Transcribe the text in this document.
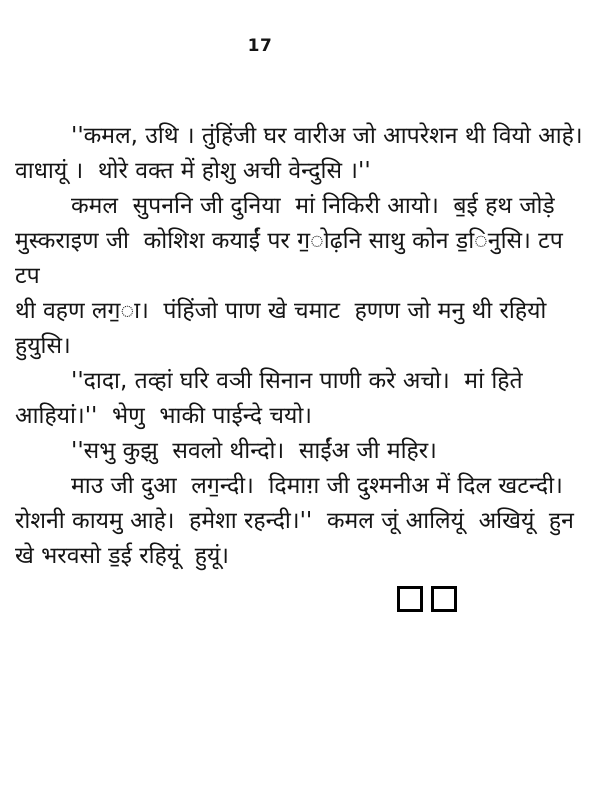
17
''कमल, उथि । तुंहिंजी घर वारीअ जो आपरेशन थी वियो आहे।
वाधायूं ।  थोरे वक्त में होशु अची वेन्दुसि ।''
कमल  सुपननि जी दुनिया  मां निकिरी आयो।  ब॒ई हथ जोड़े
मुस्कराइण जी  कोशिश कयाईं पर ग॒ोढ़नि साथु कोन ड॒िनुसि। टप टप
थी वहण लग॒ा।  पंहिंजो पाण खे चमाट  हणण जो मनु थी रहियो
हुयुसि।
''दादा, तव्हां घरि वञी सिनान पाणी करे अचो।  मां हिते
आहियां।''  भेणु  भाकी पाईन्दे चयो।
''सभु कुझु  सवलो थीन्दो।  साईंअ जी महिर।
माउ जी दुआ  लग॒न्दी।  दिमाग़ जी दुश्मनीअ में दिल खटन्दी।
रोशनी कायमु आहे।  हमेशा रहन्दी।''  कमल जूं आलियूं  अखियूं  हुन
खे भरवसो ड॒ई रहियूं  हुयूं।
